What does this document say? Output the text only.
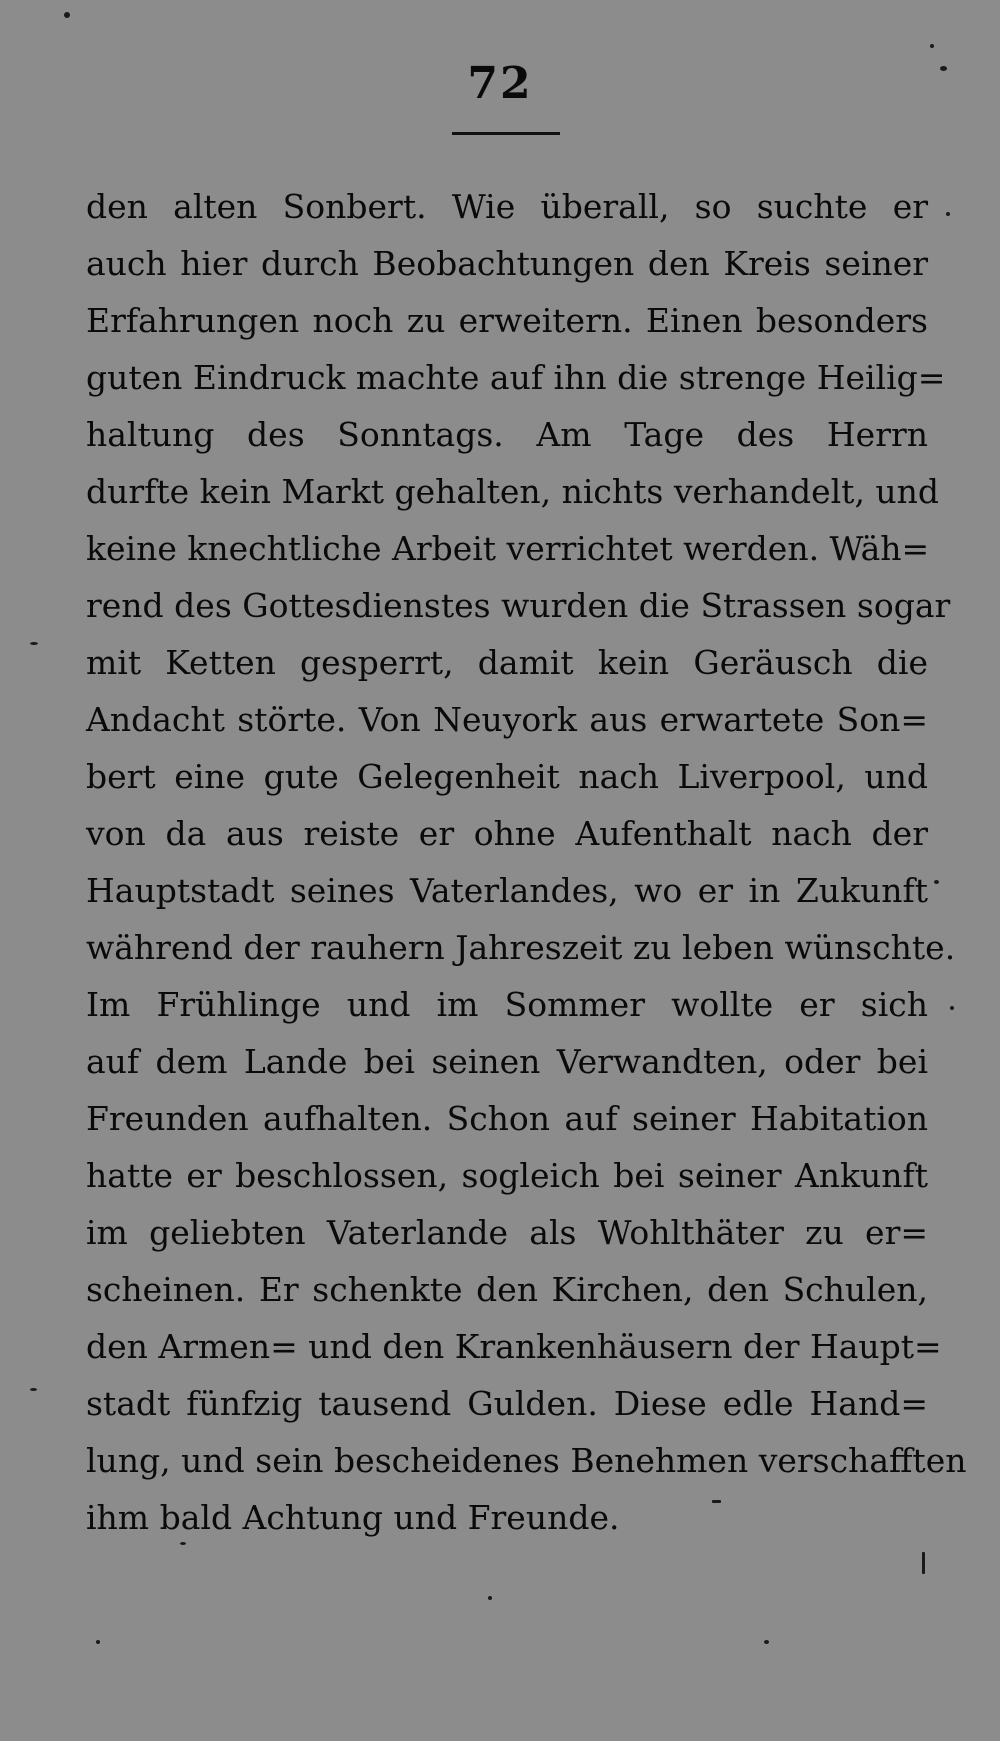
72
den alten Sonbert. Wie überall, so suchte er
auch hier durch Beobachtungen den Kreis seiner
Erfahrungen noch zu erweitern. Einen besonders
guten Eindruck machte auf ihn die strenge Heilig=
haltung des Sonntags. Am Tage des Herrn
durfte kein Markt gehalten, nichts verhandelt, und
keine knechtliche Arbeit verrichtet werden. Wäh=
rend des Gottesdienstes wurden die Strassen sogar
mit Ketten gesperrt, damit kein Geräusch die
Andacht störte. Von Neuyork aus erwartete Son=
bert eine gute Gelegenheit nach Liverpool, und
von da aus reiste er ohne Aufenthalt nach der
Hauptstadt seines Vaterlandes, wo er in Zukunft
während der rauhern Jahreszeit zu leben wünschte.
Im Frühlinge und im Sommer wollte er sich
auf dem Lande bei seinen Verwandten, oder bei
Freunden aufhalten. Schon auf seiner Habitation
hatte er beschlossen, sogleich bei seiner Ankunft
im geliebten Vaterlande als Wohlthäter zu er=
scheinen. Er schenkte den Kirchen, den Schulen,
den Armen= und den Krankenhäusern der Haupt=
stadt fünfzig tausend Gulden. Diese edle Hand=
lung, und sein bescheidenes Benehmen verschafften
ihm bald Achtung und Freunde.
